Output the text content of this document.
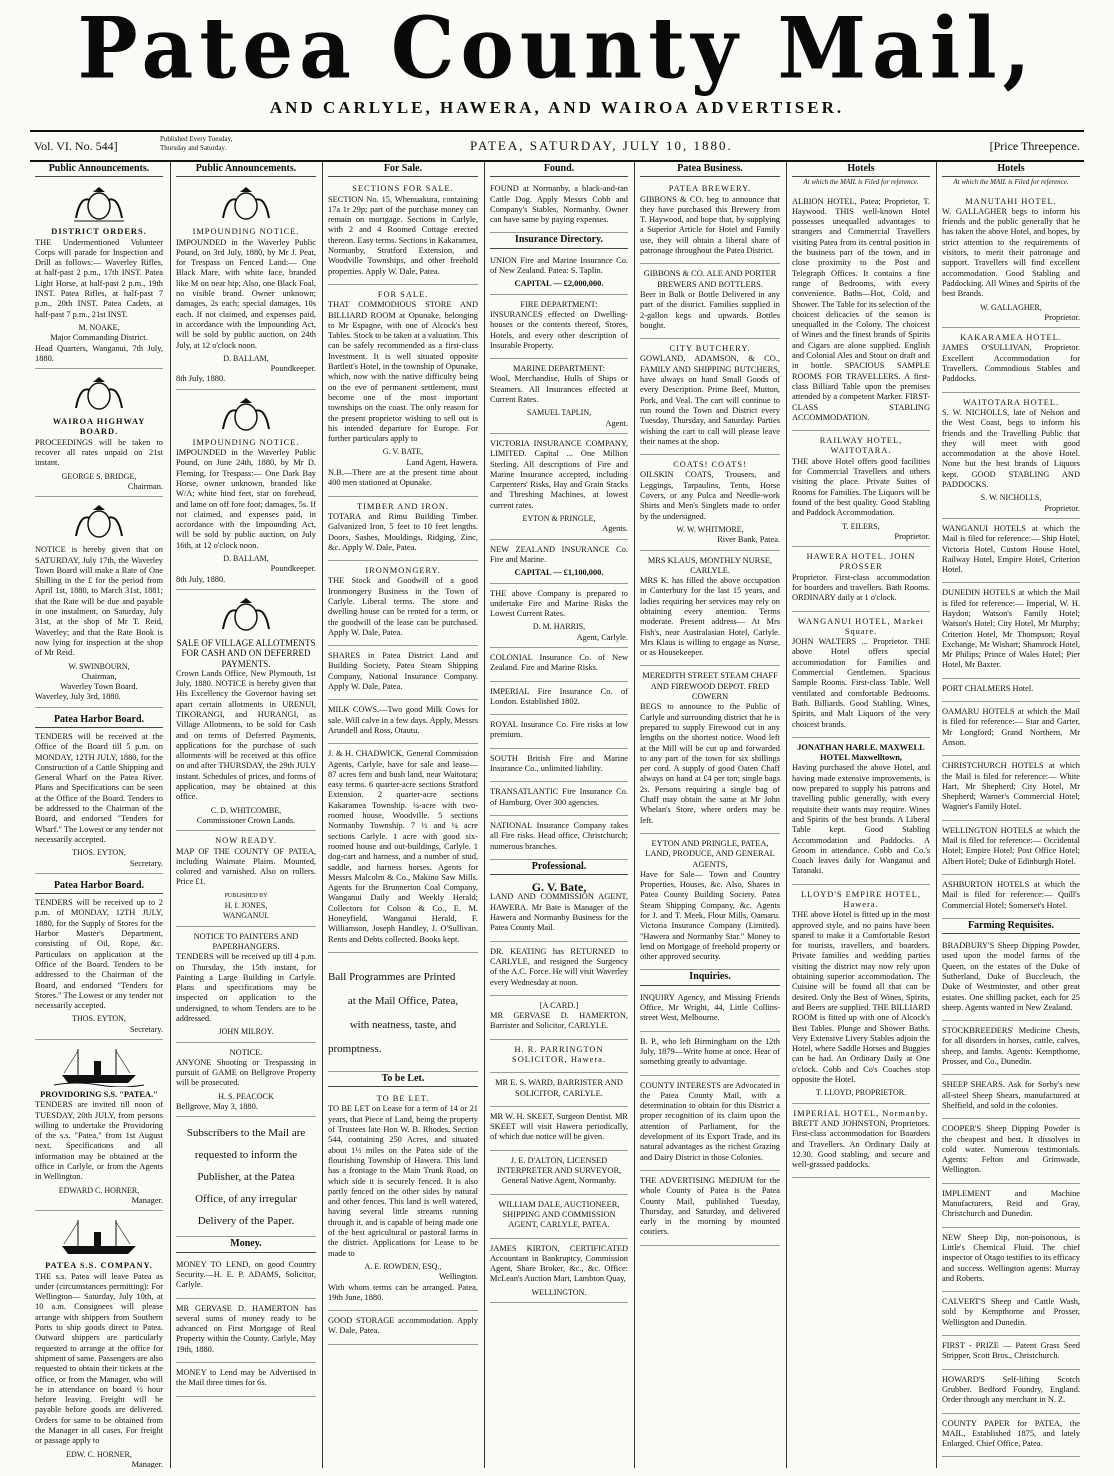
Patea County Mail,
AND CARLYLE, HAWERA, AND WAIROA ADVERTISER.
Vol. VI. No. 544]	Published Every Tuesday, Thursday and Saturday.	PATEA, SATURDAY, JULY 10, 1880.	[Price Threepence.
Public Announcements.
DISTRICT ORDERS.

THE Undermentioned Volunteer Corps will parade for Inspection and Drill as follows:— Waverley Rifles, at half-past 2 p.m., 17th INST. Patea Light Horse, at half-past 2 p.m., 19th INST. Patea Rifles, at half-past 7 p.m., 20th INST. Patea Cadets, at half-past 7 p.m., 21st INST.

M. NOAKE,
Major Commanding District.
Head Quarters, Wanganui, 7th July, 1880.
WAIROA HIGHWAY BOARD.

PROCEEDINGS will be taken to recover all rates unpaid on 21st instant.

GEORGE S. BRIDGE,
Chairman.

NOTICE is hereby given that on SATURDAY, July 17th, the Waverley Town Board will make a Rate of One Shilling in the £ for the period from April 1st, 1880, to March 31st, 1881; that the Rate will be due and payable in one instalment, on Saturday, July 31st, at the shop of Mr T. Reid, Waverley; and that the Rate Book is now lying for inspection at the shop of Mr Reid.

W. SWINBOURN,
Chairman,
Waverley Town Board.
Waverley, July 3rd, 1880.
Patea Harbor Board.

TENDERS will be received at the Office of the Board till 5 p.m. on MONDAY, 12TH JULY, 1880, for the Construction of a Cattle Shipping and General Wharf on the Patea River. Plans and Specifications can be seen at the Office of the Board. Tenders to be addressed to the Chairman of the Board, and endorsed "Tenders for Wharf." The Lowest or any tender not necessarily accepted.

THOS. EYTON,
Secretary.
Patea Harbor Board.

TENDERS will be received up to 2 p.m. of MONDAY, 12TH JULY, 1880, for the Supply of Stores for the Harbor Master's Department, consisting of Oil, Rope, &c. Particulars on application at the Office of the Board. Tenders to be addressed to the Chairman of the Board, and endorsed "Tenders for Stores." The Lowest or any tender not necessarily accepted.

THOS. EYTON,
Secretary.
PROVIDORING S.S. "PATEA."

TENDERS are invited till noon of TUESDAY, 20th JULY, from persons willing to undertake the Providoring of the s.s. "Patea," from 1st August next. Specifications and all information may be obtained at the office in Carlyle, or from the Agents in Wellington.

EDWARD C. HORNER,
Manager.
PATEA S.S. COMPANY.

THE s.s. Patea will leave Patea as under (circumstances permitting): For Wellington— Saturday, July 10th, at 10 a.m. Consignees will please arrange with shippers from Southern Ports to ship goods direct to Patea. Outward shippers are particularly requested to arrange at the office for shipment of same. Passengers are also requested to obtain their tickets at the office, or from the Manager, who will be in attendance on board ½ hour before leaving. Freight will be payable before goods are delivered. Orders for same to be obtained from the Manager in all cases. For freight or passage apply to

EDW. C. HORNER,
Manager.
Public Announcements.
IMPOUNDING NOTICE.

IMPOUNDED in the Waverley Public Pound, on 3rd July, 1880, by Mr J. Peat, for Trespass on Fenced Land:— One Black Mare, with white face, branded like M on near hip; Also, one Black Foal, no visible brand. Owner unknown; damages, 2s each; special damages, 10s each. If not claimed, and expenses paid, in accordance with the Impounding Act, will be sold by public auction, on 24th July, at 12 o'clock noon.

D. BALLAM,
Poundkeeper.
8th July, 1880.
IMPOUNDING NOTICE.

IMPOUNDED in the Waverley Public Pound, on June 24th, 1880, by Mr D. Fleming, for Trespass:— One Dark Bay Horse, owner unknown, branded like W/A; white hind feet, star on forehead, and lame on off fore foot; damages, 5s. If not claimed, and expenses paid, in accordance with the Impounding Act, will be sold by public auction, on July 16th, at 12 o'clock noon.

D. BALLAM,
Poundkeeper.
8th July, 1880.
SALE OF VILLAGE ALLOTMENTS FOR CASH AND ON DEFERRED PAYMENTS.

Crown Lands Office, New Plymouth, 1st July, 1880. NOTICE is hereby given that His Excellency the Governor having set apart certain allotments in URENUI, TIKORANGI, and HURANGI, as Village Allotments, to be sold for Cash and on terms of Deferred Payments, applications for the purchase of such allotments will be received at this office on and after THURSDAY, the 29th JULY instant. Schedules of prices, and forms of application, may be obtained at this office.

C. D. WHITCOMBE,
Commissioner Crown Lands.
NOW READY.

MAP OF THE COUNTY OF PATEA, including Waimate Plains. Mounted, colored and varnished. Also on rollers. Price £1.

PUBLISHED BY
H. I. JONES,
WANGANUI.
NOTICE TO PAINTERS AND PAPERHANGERS.

TENDERS will be received up till 4 p.m. on Thursday, the 15th instant, for Painting a Large Building in Carlyle. Plans and specifications may be inspected on application to the undersigned, to whom Tenders are to be addressed.

JOHN MILROY.
NOTICE.

ANYONE Shooting or Trespassing in pursuit of GAME on Bellgrove Property will be prosecuted.

H. S. PEACOCK
Bellgrove, May 3, 1880.
Subscribers to the Mail are
requested to inform the
Publisher, at the Patea
Office, of any irregular
Delivery of the Paper.
Money.

MONEY TO LEND, on good Country Security.—H. E. P. ADAMS, Solicitor, Carlyle.

MR GERVASE D. HAMERTON has several sums of money ready to be advanced on First Mortgage of Real Property within the County. Carlyle, May 19th, 1880.

MONEY to Lend may be Advertised in the Mail three times for 6s.

For Sale.
SECTIONS FOR SALE.

SECTION No. 15, Whenuakura, containing 17a 1r 29p; part of the purchase money can remain on mortgage. Sections in Carlyle, with 2 and 4 Roomed Cottage erected thereon. Easy terms. Sections in Kakaramea, Normanby, Stratford Extension, and Woodville Townships, and other freehold properties. Apply W. Dale, Patea.

FOR SALE.

THAT COMMODIOUS STORE AND BILLIARD ROOM at Opunake, belonging to Mr Espagne, with one of Alcock's best Tables. Stock to be taken at a valuation. This can be safely recommended as a first-class Investment. It is well situated opposite Bartlett's Hotel, in the township of Opunake, which, now with the native difficulty being on the eve of permanent settlement, must become one of the most important townships on the coast. The only reason for the present proprietor wishing to sell out is his intended departure for Europe. For further particulars apply to

G. V. BATE,
Land Agent, Hawera.

N.B.—There are at the present time about 400 men stationed at Opunake.

TIMBER AND IRON.

TOTARA and Rimu Building Timber. Galvanized Iron, 5 feet to 10 feet lengths. Doors, Sashes, Mouldings, Ridging, Zinc, &c. Apply W. Dale, Patea.

IRONMONGERY.

THE Stock and Goodwill of a good Ironmongery Business in the Town of Carlyle. Liberal terms. The store and dwelling house can be rented for a term, or the goodwill of the lease can be purchased. Apply W. Dale, Patea.

SHARES in Patea District Land and Building Society, Patea Steam Shipping Company, National Insurance Company. Apply W. Dale, Patea.

MILK COWS.—Two good Milk Cows for sale. Will calve in a few days. Apply, Messrs Arundell and Ross, Otautu.

J. & H. CHADWICK, General Commission Agents, Carlyle, have for sale and lease— 87 acres fern and bush land, near Waitotara; easy terms. 6 quarter-acre sections Stratford Extension. 2 quarter-acre sections Kakaramea Township. ¼-acre with two-roomed house, Woodville. 5 sections Normanby Township. 7 ½ and ¼ acre sections Carlyle. 1 acre with good six-roomed house and out-buildings, Carlyle. 1 dog-cart and harness, and a number of stud, saddle, and harness horses. Agents for Messrs Malcolm & Co., Makino Saw Mills. Agents for the Brunnerton Coal Company, Wanganui Daily and Weekly Herald; Collectors for Colson & Co., E. M. Honeyfield, Wanganui Herald, F. Williamson, Joseph Handley, J. O'Sullivan. Rents and Debts collected. Books kept.

Ball Programmes are Printed
at the Mail Office, Patea,
with neatness, taste, and
promptness.
To be Let.
TO BE LET.

TO BE LET on Lease for a term of 14 or 21 years, that Piece of Land, being the property of Trustees late Hon W. B. Rhodes, Section 544, containing 250 Acres, and situated about 1½ miles on the Patea side of the flourishing Township of Hawera. This land has a frontage to the Main Trunk Road, on which side it is securely fenced. It is also partly fenced on the other sides by natural and other fences. This land is well watered, having several little streams running through it, and is capable of being made one of the best agricultural or pastoral farms in the district. Applications for Lease to be made to

A. E. ROWDEN, ESQ.,
Wellington.

With whom terms can be arranged. Patea, 19th June, 1880.

GOOD STORAGE accommodation. Apply W. Dale, Patea.

Found.

FOUND at Normanby, a black-and-tan Cattle Dog. Apply Messrs Cobb and Company's Stables, Normanby. Owner can have same by paying expenses.

Insurance Directory.

UNION Fire and Marine Insurance Co. of New Zealand. Patea: S. Taplin.

CAPITAL — £2,000,000.
FIRE DEPARTMENT:

INSURANCES effected on Dwelling-houses or the contents thereof, Stores, Hotels, and every other description of Insurable Property.

MARINE DEPARTMENT:

Wool, Merchandise, Hulls of Ships or Steamers. All Insurances effected at Current Rates.

SAMUEL TAPLIN,
Agent.

VICTORIA INSURANCE COMPANY, LIMITED. Capital ... One Million Sterling. All descriptions of Fire and Marine Insurance accepted, including Carpenters' Risks, Hay and Grain Stacks and Threshing Machines, at lowest current rates.

EYTON & PRINGLE,
Agents.

NEW ZEALAND INSURANCE Co. Fire and Marine.

CAPITAL — £1,100,000.

THE above Company is prepared to undertake Fire and Marine Risks the Lowest Current Rates.

D. M. HARRIS,
Agent, Carlyle.

COLONIAL Insurance Co. of New Zealand. Fire and Marine Risks.

IMPERIAL Fire Insurance Co. of London. Established 1802.

ROYAL Insurance Co. Fire risks at low premium.

SOUTH British Fire and Marine Insurance Co., unlimited liability.

TRANSATLANTIC Fire Insurance Co. of Hamburg. Over 300 agencies.

NATIONAL Insurance Company takes all Fire risks. Head office, Christchurch; numerous branches.

Professional.
G. V. Bate,

LAND AND COMMISSION AGENT, HAWERA. Mr Bate is Manager of the Hawera and Normanby Business for the Patea County Mail.

DR. KEATING has RETURNED to CARLYLE, and resigned the Surgency of the A.C. Force. He will visit Waverley every Wednesday at noon.

[A CARD.]

MR GERVASE D. HAMERTON, Barrister and Solicitor, CARLYLE.

H. R. PARRINGTON SOLICITOR, Hawera.

MR E. S. WARD, BARRISTER AND SOLICITOR, CARLYLE.

MR W. H. SKEET, Surgeon Dentist. MR SKEET will visit Hawera periodically, of which due notice will be given.

J. E. D'ALTON, LICENSED INTERPRETER AND SURVEYOR, General Native Agent, Normanby.

WILLIAM DALE, AUCTIONEER, SHIPPING AND COMMISSION AGENT, CARLYLE, PATEA.

JAMES KIRTON, CERTIFICATED Accountant in Bankruptcy, Commission Agent, Share Broker, &c., &c. Office: McLean's Auction Mart, Lambton Quay,

WELLINGTON.
Patea Business.
PATEA BREWERY.

GIBBONS & CO. beg to announce that they have purchased this Brewery from T. Haywood, and hope that, by supplying a Superior Article for Hotel and Family use, they will obtain a liberal share of patronage throughout the Patea District.

GIBBONS & CO. ALE AND PORTER BREWERS AND BOTTLERS.

Beer in Bulk or Bottle Delivered in any part of the district. Families supplied in 2-gallon kegs and upwards. Bottles bought.

CITY BUTCHERY.

GOWLAND, ADAMSON, & CO., FAMILY AND SHIPPING BUTCHERS, have always on hand Small Goods of every Description. Prime Beef, Mutton, Pork, and Veal. The cart will continue to run round the Town and District every Tuesday, Thursday, and Saturday. Parties wishing the cart to call will please leave their names at the shop.

COATS! COATS!

OILSKIN COATS, Trousers, and Leggings, Tarpaulins, Tents, Horse Covers, or any Pulca and Needle-work Shirts and Men's Singlets made to order by the undersigned.

W. W. WHITMORE,
River Bank, Patea.
MRS KLAUS, MONTHLY NURSE, CARLYLE.

MRS K. has filled the above occupation in Canterbury for the last 15 years, and ladies requiring her services may rely on obtaining every attention. Terms moderate. Present address— At Mrs Fish's, near Australasian Hotel, Carlyle. Mrs Klaus is willing to engage as Nurse, or as Housekeeper.

MEREDITH STREET STEAM CHAFF AND FIREWOOD DEPOT. FRED COWERN

BEGS to announce to the Public of Carlyle and surrounding district that he is prepared to supply Firewood cut in any lengths on the shortest notice. Wood left at the Mill will be cut up and forwarded to any part of the town for six shillings per cord. A supply of good Oaten Chaff always on hand at £4 per ton; single bags 2s. Persons requiring a single bag of Chaff may obtain the same at Mr John Whelan's Store, where orders may be left.

EYTON AND PRINGLE, PATEA, LAND, PRODUCE, AND GENERAL AGENTS,

Have for Sale— Town and Country Properties, Houses, &c. Also, Shares in Patea County Building Society. Patea Steam Shipping Company, &c. Agents for J. and T. Meek, Flour Mills, Oamaru. Victoria Insurance Company (Limited). "Hawera and Normanby Star." Money to lend on Mortgage of freehold property or other approved security.

Inquiries.

INQUIRY Agency, and Missing Friends Office, Mr Wright, 44, Little Collins-street West, Melbourne.

B. P., who left Birmingham on the 12th July, 1879—Write home at once. Hear of something greatly to advantage.

COUNTY INTERESTS are Advocated in the Patea County Mail, with a determination to obtain for this District a proper recognition of its claim upon the attention of Parliament, for the development of its Export Trade, and its natural advantages as the richest Grazing and Dairy District in those Colonies.

THE ADVERTISING MEDIUM for the whole County of Patea is the Patea County Mail, published Tuesday, Thursday, and Saturday, and delivered early in the morning by mounted couriers.

Hotels
At which the MAIL is Filed for reference.

ALBION HOTEL, Patea; Proprietor, T. Haywood. THIS well-known Hotel possesses unequalled advantages to strangers and Commercial Travellers visiting Patea from its central position in the business part of the town, and in close proximity to the Post and Telegraph Offices. It contains a fine range of Bedrooms, with every convenience. Baths—Hot, Cold, and Shower. The Table for its selection of the choicest delicacies of the season is unequalled in the Colony. The choicest of Wines and the finest brands of Spirits and Cigars are alone supplied. English and Colonial Ales and Stout on draft and in bottle. SPACIOUS SAMPLE ROOMS FOR TRAVELLERS. A first-class Billiard Table upon the premises attended by a competent Marker. FIRST-CLASS STABLING ACCOMMODATION.

RAILWAY HOTEL, WAITOTARA.

THE above Hotel offers good facilities for Commercial Travellers and others visiting the place. Private Suites of Rooms for Families. The Liquors will be found of the best quality. Good Stabling and Paddock Accommodation.

T. EILERS,
Proprietor.
HAWERA HOTEL. JOHN PROSSER

Proprietor. First-class accommodation for boarders and travellers. Bath Rooms. ORDINARY daily at 1 o'clock.

WANGANUI HOTEL, Market Square.

JOHN WALTERS ... Proprietor. THE above Hotel offers special accommodation for Families and Commercial Gentlemen. Spacious Sample Rooms. First-class Table. Well ventilated and comfortable Bedrooms. Bath. Billiards. Good Stabling. Wines, Spirits, and Malt Liquors of the very choicest brands.

JONATHAN HARLE. MAXWELL HOTEL Maxwelltown,

Having purchased the above Hotel, and having made extensive improvements, is now prepared to supply his patrons and travelling public generally, with every requisite their wants may require. Wines and Spirits of the best brands. A Liberal Table kept. Good Stabling Accommodation and Paddocks. A Groom in attendance. Cobb and Co.'s Coach leaves daily for Wanganui and Taranaki.

LLOYD'S EMPIRE HOTEL, Hawera.

THE above Hotel is fitted up in the most approved style, and no pains have been spared to make it a Comfortable Resort for tourists, travellers, and boarders. Private families and wedding parties visiting the district may now rely upon obtaining superior accommodation. The Cuisine will be found all that can be desired. Only the Best of Wines, Spirits, and Beers are supplied. THE BILLIARD ROOM is fitted up with one of Alcock's Best Tables. Plunge and Shower Baths. Very Extensive Livery Stables adjoin the Hotel, where Saddle Horses and Buggies can be had. An Ordinary Daily at One o'clock. Cobb and Co's Coaches stop opposite the Hotel.

T. LLOYD, PROPRIETOR.
IMPERIAL HOTEL, Normanby.

BRETT AND JOHNSTON, Proprietors. First-class accommodation for Boarders and Travellers. An Ordinary Daily at 12.30. Good stabling, and secure and well-grassed paddocks.

Hotels
At which the MAIL is Filed for reference.
MANUTAHI HOTEL.

W. GALLAGHER begs to inform his friends and the public generally that he has taken the above Hotel, and hopes, by strict attention to the requirements of visitors, to merit their patronage and support. Travellers will find excellent accommodation. Good Stabling and Paddocking. All Wines and Spirits of the best Brands.

W. GALLAGHER,
Proprietor.
KAKARAMEA HOTEL.

JAMES O'SULLIVAN, Proprietor. Excellent Accommodation for Travellers. Commodious Stables and Paddocks.

WAITOTARA HOTEL.

S. W. NICHOLLS, late of Nelson and the West Coast, begs to inform his friends and the Travelling Public that they will meet with good accommodation at the above Hotel. None but the best brands of Liquors kept. GOOD STABLING AND PADDOCKS.

S. W. NICHOLLS,
Proprietor.

WANGANUI HOTELS at which the Mail is filed for reference:— Ship Hotel, Victoria Hotel, Custom House Hotel, Railway Hotel, Empire Hotel, Criterion Hotel.

DUNEDIN HOTELS at which the Mail is filed for reference:— Imperial, W. H. Haydon; Watson's Family Hotel; Watson's Hotel; City Hotel, Mr Murphy; Criterion Hotel, Mr Thompson; Royal Exchange, Mr Wishart; Shamrock Hotel, Mr Philips; Prince of Wales Hotel; Pier Hotel, Mr Baxter.

PORT CHALMERS Hotel.

OAMARU HOTELS at which the Mail is filed for reference:— Star and Garter, Mr Longford; Grand Northern, Mr Anson.

CHRISTCHURCH HOTELS at which the Mail is filed for reference:— White Hart, Mr Shepherd; City Hotel, Mr Shepherd; Warner's Commercial Hotel; Wagner's Family Hotel.

WELLINGTON HOTELS at which the Mail is filed for reference:— Occidental Hotel; Empire Hotel; Post Office Hotel; Albert Hotel; Duke of Edinburgh Hotel.

ASHBURTON HOTELS at which the Mail is filed for reference:— Quill's Commercial Hotel; Somerset's Hotel.

Farming Requisites.

BRADBURY'S Sheep Dipping Powder, used upon the model farms of the Queen, on the estates of the Duke of Sutherland, Duke of Buccleuch, the Duke of Westminster, and other great estates. One shilling packet, each for 25 sheep. Agents wanted in New Zealand.

STOCKBREEDERS' Medicine Chests, for all disorders in horses, cattle, calves, sheep, and lambs. Agents: Kempthorne, Prosser, and Co., Dunedin.

SHEEP SHEARS. Ask for Sorby's new all-steel Sheep Shears, manufactured at Sheffield, and sold in the colonies.

COOPER'S Sheep Dipping Powder is the cheapest and best. It dissolves in cold water. Numerous testimonials. Agents: Felton and Grimwade, Wellington.

IMPLEMENT and Machine Manufacturers, Reid and Gray, Christchurch and Dunedin.

NEW Sheep Dip, non-poisonous, is Little's Chemical Fluid. The chief inspector of Otago testifies to its efficacy and success. Wellington agents: Murray and Roberts.

CALVERT'S Sheep and Cattle Wash, sold by Kempthorne and Prosser, Wellington and Dunedin.

FIRST - PRIZE — Patent Grass Seed Stripper, Scott Bros., Christchurch.

HOWARD'S Self-lifting Scotch Grubber. Bedford Foundry, England. Order through any merchant in N. Z.

COUNTY PAPER for PATEA, the MAIL, Established 1875, and lately Enlarged. Chief Office, Patea.
